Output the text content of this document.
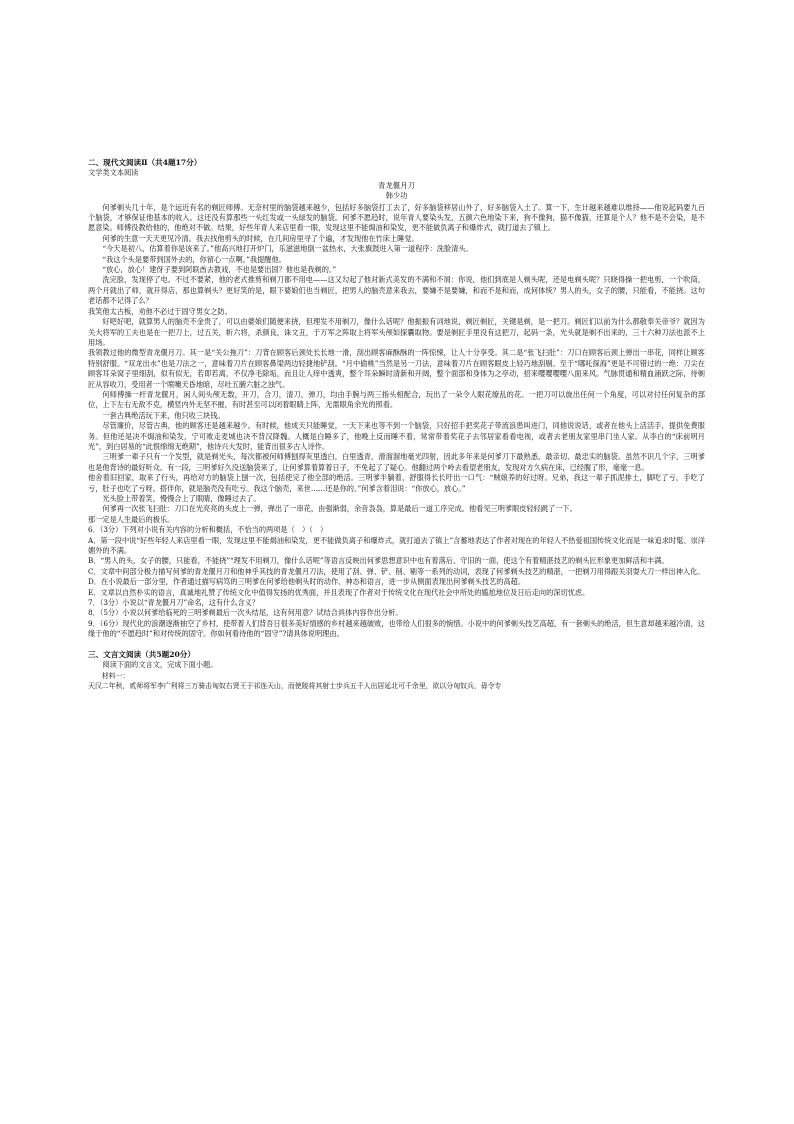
二、现代文阅读Ⅱ（共4题17分）
文学类文本阅读
青龙偃月刀
韩少功

何爹剃头几十年，是个远近有名的剃匠师傅。无奈村里的脑袋越来越少，包括好多脑袋打工去了，好多脑袋移居山外了，好多脑袋入土了。算一下，生计越来越难以维持——他说起码要九百个脑袋，才够保证他基本的收入。这还没有算那些一头红发或一头绿发的脑袋。何爹不愿趋时，说年青人要染头发，五颜六色地染下来，狗不像狗，猫不像猫，还算是个人？他不是不会染，是不愿意染。师傅没教给他的，他绝对不做。结果，好些年青人来店里看一眼，发现这里不能焗油和染发，更不能做负离子和爆炸式，就打道去了镇上。

何爹的生意一天天更见冷清。我去找他剪头的时候，在几间房里寻了个遍，才发现他在竹床上睡觉。

“今天是初八，估算着你是该来了。”他高兴地打开炉门，乐滋滋地倒一盆热水，大张旗鼓进入第一道程序：洗脸清头。

“我这个头是要带到国外去的，你留心一点啊。”我提醒他。

“放心，放心！建伢子要到阿联酋去教戏，不也是要出国？他也是我剃的。”

洗完脸，发现停了电。不过不要紧，他的老式推剪和剃刀都不用电——这又勾起了他对新式美发的不满和不屑：你说，他们到底是人剃头呢，还是电剃头呢？只晓得操一把电剪，一个吹筒，两个月就出了师，就开得店，那也算剃头？更好笑的是，眼下婆娘们也当剃匠，把男人的脑壳意来我去，要嫌不是要嫌，和而不是和而，成何体统？男人的头，女子的腰，只能看，不能挠。这句老话都不记得了么？

我笑他太古板，劝他不必过于固守男女之防。

好吧好吧，就算男人的脑壳不金贵了，可以由婆娘们随便来挠，但理发不用剃刀，像什么话呢？他振振有词地说，剃匠剃匠，关键是剃，是一把刀。剃匠们以前为什么都敬奉关帝爷？就因为关大将军的工夫也是在一把刀上，过五关，斩六将，杀颜良，诛文丑，于万军之阵取上将军头颅如探囊取物。要是剃匠手里没有这把刀，起码一条，光头就是剃不出来的，三十六种刀法也派不上用场。

我领教过他的微型青龙偃月刀。其一是“关公拖刀”：刀背在顾客后颈处长长地一滑，刮出顾客麻酥酥的一阵惊悚，让人十分享受。其二是“张飞扫肚”：刀口在顾客后颈上弹出一串花，同样让顾客特别舒服。“双龙出水”也是刀法之一，意味着刀片在顾客鼻梁两边轻捷地铲刮。“月中偷桃”当然是另一刀法，意味着刀片在顾客眼皮上轻巧地刮剔。至于“哪吒探海”更是不可错过的一绝：刀尖在顾客耳朵窝子里细刮，似有似无，若即若离，不仅净毛除垢，而且让人痒中透爽，整个耳朵瞬时清新和开阔，整个面部和身体为之亭动，招来嘤嘤嘤嘤八面来风。气脉贯通和精血涌跃之际，待剃匠从容收刀，受用者一个喷嚏天昏地暗，尽吐五腑六脏之浊气。

何师傅操一杆青龙偃月，闲人间头颅无数，开刀，合刀，清刀，弹刀，均由手腕与两三指头相配合，玩出了一朵令人眼花缭乱的花。一把刀可以旋出任何一个角度，可以对付任何复杂的部位，上下左右无敌不克，横竖内外无坚不摧，有时甚至可以闭着眼睛上阵，无需眼角余光的照看。

一套古典绝活玩下来，他只收三块钱。

尽管廉价，尽管古典，他的顾客还是越来越少。有时候，他成天只能睡觉，一天下来也等不到一个脑袋，只好招手把奖花子带流浪患叫进门，同他说说话，或者在他头上活活手，提供免费服务。但他还是决不焗油和染发，宁可败走麦城也决不背汉降魏。人概是白睡多了，他晚上反而睡不着，常常带着奖花子去邻居家看看电视，或者去老朋友家里串门坐人家。从李白的“床前明月光”，到白居易的“此恨绵绵无绝期”，他诗兴大发时，能背出很多古人诗作。

三明爹一辈子只有一个发型，就是剃光头，每次都被何师傅刨得灰里透白，白里透青，滑溜溜地毫光四射，因此多年来是何爹刀下最熟悉、最亲切、最忠实的脑袋。虽然不识几个字，三明爹也是他背诗的最好听众。有一段，三明爹好久没送脑袋来了，让何爹算着算着日子，不免起了了疑心。他翻过两个岭去看望老朋友，发现对方久病在床，已经腹了形，毫毫一息。

他舍着旧回家，取来了行头，再给对方的脑袋上刨一次，包括使完了他全部的绝活。三明爹半躺着，舒服得长长吁出一口气：“贼娘养的好过呀。兄弟，我这一辈子抓泥排土，脚吃了亏，手吃了亏，肚子也吃了亏呀。搭伴你，就是脑壳没有吃亏。我这个脑壳，来世……还是你的。”何爹含着泪说：“你放心，放心。”

光头脸上带着笑，慢慢合上了眼睛，像睡过去了。

何爹再一次张飞扫肚：刀口在光亮亮的头皮上一弹，弹出了一串花，由强渐弱，余音袅袅，算是最后一道工序完成。他看见三明爹眼皮轻轻跳了一下。

那一定是人生最后的极乐。

6．（3分）下列对小说有关内容的分析和概括，不恰当的两项是（　）（　）
A．第一段中说“好些年轻人来店里看一眼，发现这里不能焗油和染发，更不能做负离子和爆炸式，就打道去了镇上”含蓄地表达了作者对现在的年轻人不热爱祖国传统文化而是一味追求时髦、崇洋媚外的不满。
B．“男人的头，女子的腰，只能看，不能挠”“理发不用剃刀，像什么话呢”等语言反映出何爹思想意识中也有着落后、守旧的一面，使这个有着精湛技艺的剃头匠形象更加鲜活和丰满。
C．文章中间部分极力描写何爹的青龙偃月刀和他神乎其技的青龙偃月刀法，使用了刮、弹、铲、削、剔等一系列的动词，表现了何爹剃头技艺的精湛，一把剃刀用得跟关羽耍大刀一样出神入化。
D．在小说最后一部分里，作者通过描写病笃的三明爹在何爹给他剃头时的动作、神态和语言，进一步从侧面表现出何爹剃头技艺的高超。
E．文章以自然朴实的语言，真诚地礼赞了传统文化中值得发扬的优秀面，并且表现了作者对于传统文化在现代社会中所处的尴尬地位及日后走向的深切忧虑。
7．（3分）小说以“青龙偃月刀”命名，这有什么含义？
8．（5分）小说以何爹给临死的三明爹剃最后一次头结尾，这有何用意？试结合具体内容作出分析。
9．（6分）现代化的浪潮逐渐抽空了乡村，使带着人们背吾日很多美好情感的乡村越来越破败，也带给人们很多的惋惜。小说中的何爹剃头技艺高超，有一套剃头的绝活，但生意却越来越冷清，这缘于他的“不愿趋时”和对传统的固守。你如何看待他的“固守”?请具体说明理由。
三、文言文阅读（共5题20分）

阅读下面的文言文，完成下面小题。

材料一：

天汉二年秋，贰师将军李广利将三万骑击匈奴右贤王于祁连天山，而使陵将其射士步兵五千人出居延北可千余里，欲以分匈奴兵，毋令专
